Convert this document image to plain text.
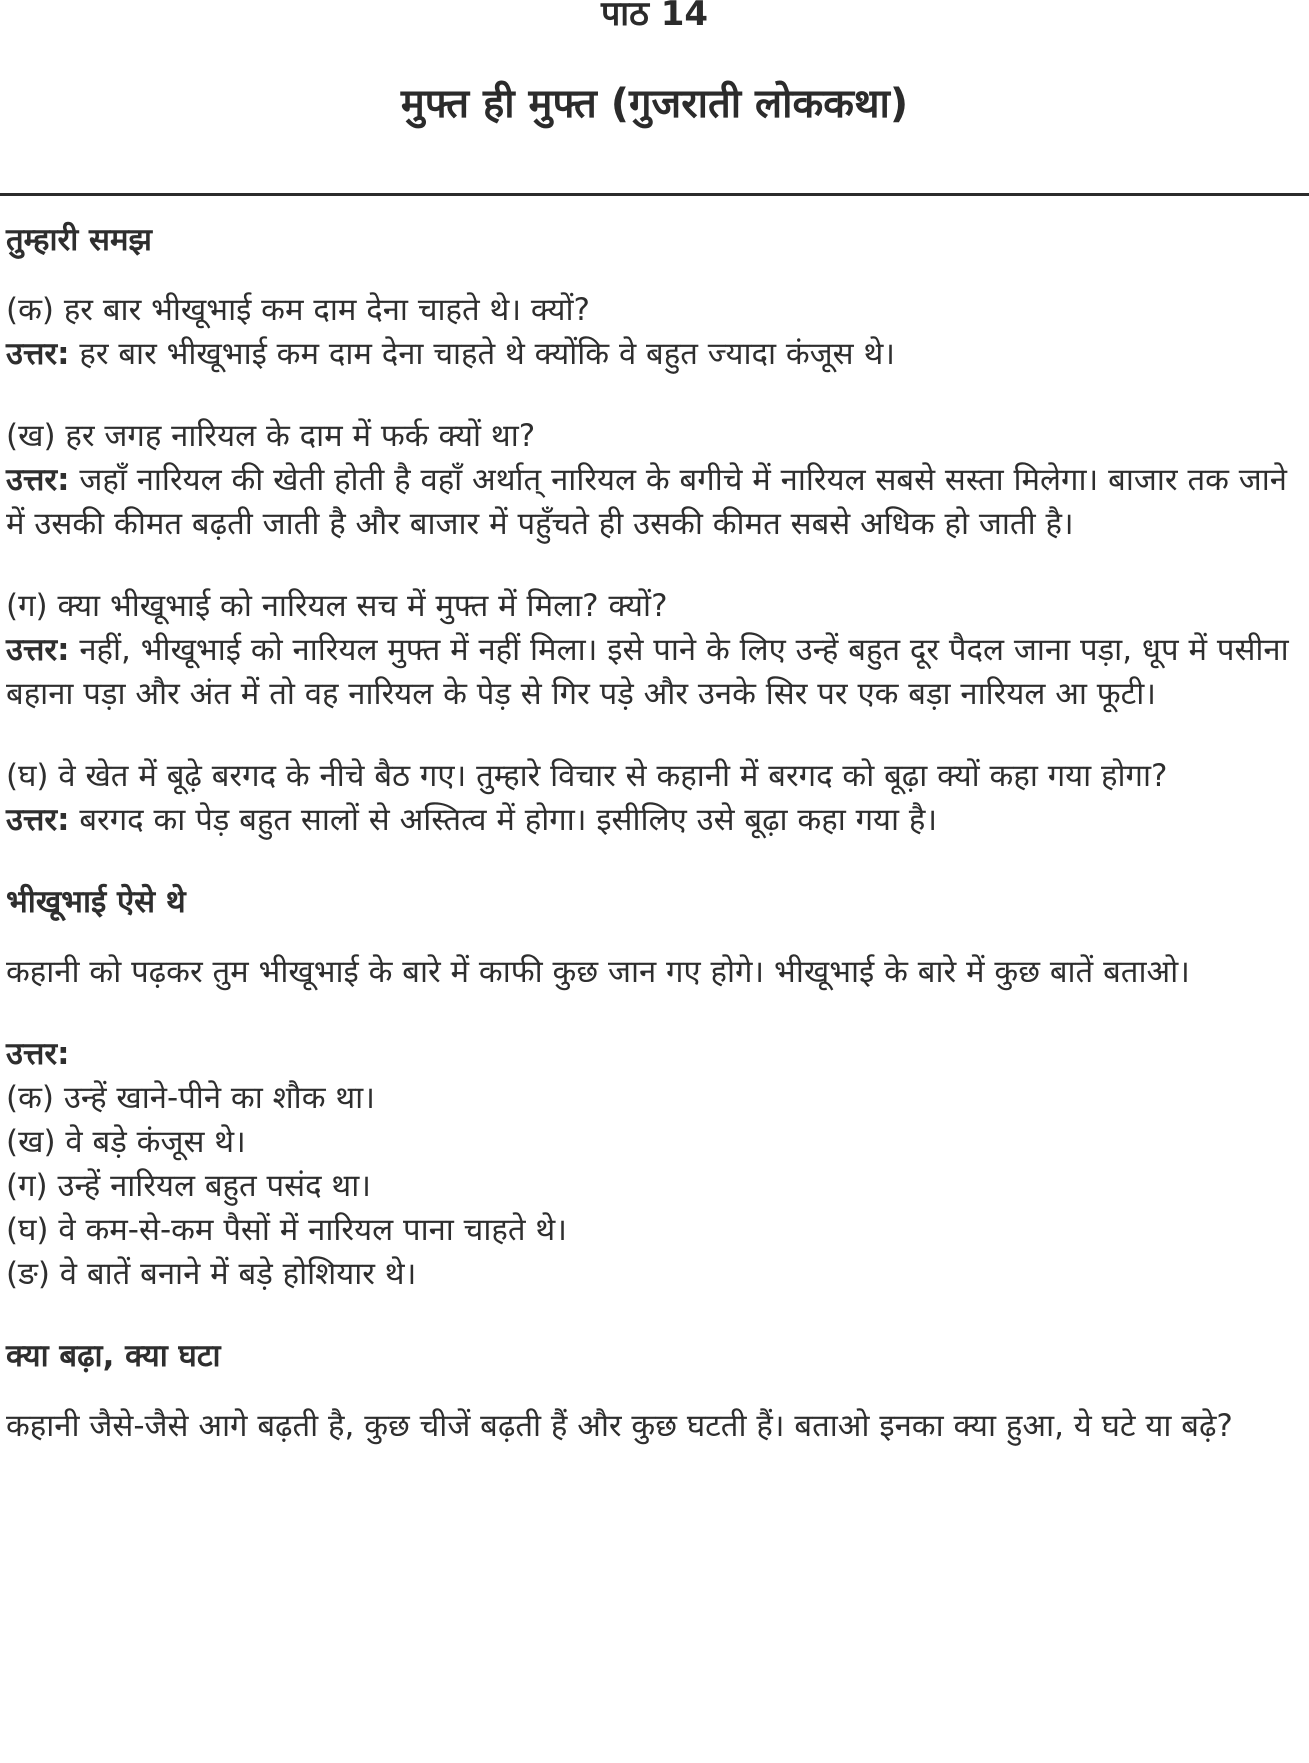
पाठ 14
मुफ्त ही मुफ्त (गुजराती लोककथा)
तुम्हारी समझ
(क) हर बार भीखूभाई कम दाम देना चाहते थे। क्यों?
उत्तर: हर बार भीखूभाई कम दाम देना चाहते थे क्योंकि वे बहुत ज्यादा कंजूस थे।
(ख) हर जगह नारियल के दाम में फर्क क्यों था?
उत्तर: जहाँ नारियल की खेती होती है वहाँ अर्थात् नारियल के बगीचे में नारियल सबसे सस्ता मिलेगा। बाजार तक जाने में उसकी कीमत बढ़ती जाती है और बाजार में पहुँचते ही उसकी कीमत सबसे अधिक हो जाती है।
(ग) क्या भीखूभाई को नारियल सच में मुफ्त में मिला? क्यों?
उत्तर: नहीं, भीखूभाई को नारियल मुफ्त में नहीं मिला। इसे पाने के लिए उन्हें बहुत दूर पैदल जाना पड़ा, धूप में पसीना बहाना पड़ा और अंत में तो वह नारियल के पेड़ से गिर पड़े और उनके सिर पर एक बड़ा नारियल आ फूटी।
(घ) वे खेत में बूढ़े बरगद के नीचे बैठ गए। तुम्हारे विचार से कहानी में बरगद को बूढ़ा क्यों कहा गया होगा?
उत्तर: बरगद का पेड़ बहुत सालों से अस्तित्व में होगा। इसीलिए उसे बूढ़ा कहा गया है।
भीखूभाई ऐसे थे
कहानी को पढ़कर तुम भीखूभाई के बारे में काफी कुछ जान गए होगे। भीखूभाई के बारे में कुछ बातें बताओ।
उत्तर:
(क) उन्हें खाने-पीने का शौक था।
(ख) वे बड़े कंजूस थे।
(ग) उन्हें नारियल बहुत पसंद था।
(घ) वे कम-से-कम पैसों में नारियल पाना चाहते थे।
(ङ) वे बातें बनाने में बड़े होशियार थे।
क्या बढ़ा, क्या घटा
कहानी जैसे-जैसे आगे बढ़ती है, कुछ चीजें बढ़ती हैं और कुछ घटती हैं। बताओ इनका क्या हुआ, ये घटे या बढ़े?
